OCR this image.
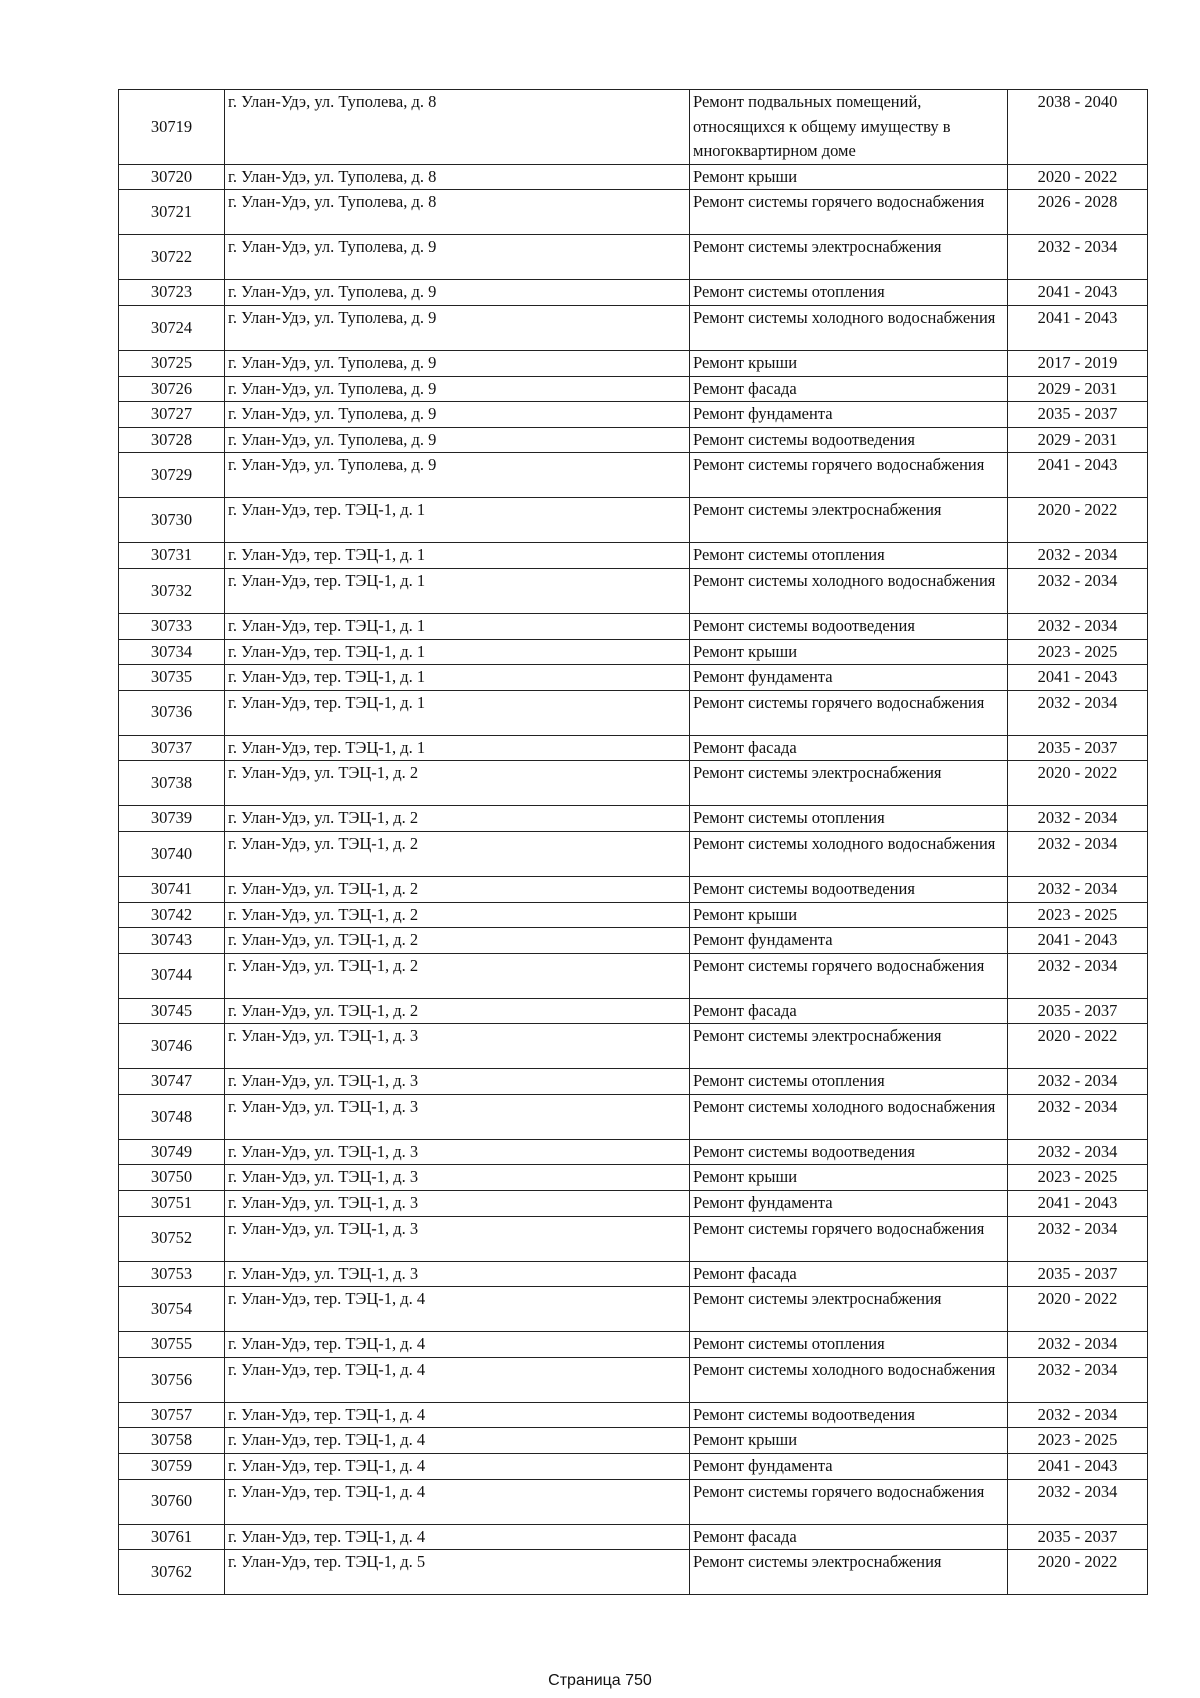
30719	г. Улан-Удэ, ул. Туполева, д. 8	Ремонт подвальных помещений, относящихся к общему имуществу в многоквартирном доме	2038 - 2040
30720	г. Улан-Удэ, ул. Туполева, д. 8	Ремонт крыши	2020 - 2022
30721	г. Улан-Удэ, ул. Туполева, д. 8	Ремонт системы горячего водоснабжения	2026 - 2028
30722	г. Улан-Удэ, ул. Туполева, д. 9	Ремонт системы электроснабжения	2032 - 2034
30723	г. Улан-Удэ, ул. Туполева, д. 9	Ремонт системы отопления	2041 - 2043
30724	г. Улан-Удэ, ул. Туполева, д. 9	Ремонт системы холодного водоснабжения	2041 - 2043
30725	г. Улан-Удэ, ул. Туполева, д. 9	Ремонт крыши	2017 - 2019
30726	г. Улан-Удэ, ул. Туполева, д. 9	Ремонт фасада	2029 - 2031
30727	г. Улан-Удэ, ул. Туполева, д. 9	Ремонт фундамента	2035 - 2037
30728	г. Улан-Удэ, ул. Туполева, д. 9	Ремонт системы водоотведения	2029 - 2031
30729	г. Улан-Удэ, ул. Туполева, д. 9	Ремонт системы горячего водоснабжения	2041 - 2043
30730	г. Улан-Удэ, тер. ТЭЦ-1, д. 1	Ремонт системы электроснабжения	2020 - 2022
30731	г. Улан-Удэ, тер. ТЭЦ-1, д. 1	Ремонт системы отопления	2032 - 2034
30732	г. Улан-Удэ, тер. ТЭЦ-1, д. 1	Ремонт системы холодного водоснабжения	2032 - 2034
30733	г. Улан-Удэ, тер. ТЭЦ-1, д. 1	Ремонт системы водоотведения	2032 - 2034
30734	г. Улан-Удэ, тер. ТЭЦ-1, д. 1	Ремонт крыши	2023 - 2025
30735	г. Улан-Удэ, тер. ТЭЦ-1, д. 1	Ремонт фундамента	2041 - 2043
30736	г. Улан-Удэ, тер. ТЭЦ-1, д. 1	Ремонт системы горячего водоснабжения	2032 - 2034
30737	г. Улан-Удэ, тер. ТЭЦ-1, д. 1	Ремонт фасада	2035 - 2037
30738	г. Улан-Удэ, ул. ТЭЦ-1, д. 2	Ремонт системы электроснабжения	2020 - 2022
30739	г. Улан-Удэ, ул. ТЭЦ-1, д. 2	Ремонт системы отопления	2032 - 2034
30740	г. Улан-Удэ, ул. ТЭЦ-1, д. 2	Ремонт системы холодного водоснабжения	2032 - 2034
30741	г. Улан-Удэ, ул. ТЭЦ-1, д. 2	Ремонт системы водоотведения	2032 - 2034
30742	г. Улан-Удэ, ул. ТЭЦ-1, д. 2	Ремонт крыши	2023 - 2025
30743	г. Улан-Удэ, ул. ТЭЦ-1, д. 2	Ремонт фундамента	2041 - 2043
30744	г. Улан-Удэ, ул. ТЭЦ-1, д. 2	Ремонт системы горячего водоснабжения	2032 - 2034
30745	г. Улан-Удэ, ул. ТЭЦ-1, д. 2	Ремонт фасада	2035 - 2037
30746	г. Улан-Удэ, ул. ТЭЦ-1, д. 3	Ремонт системы электроснабжения	2020 - 2022
30747	г. Улан-Удэ, ул. ТЭЦ-1, д. 3	Ремонт системы отопления	2032 - 2034
30748	г. Улан-Удэ, ул. ТЭЦ-1, д. 3	Ремонт системы холодного водоснабжения	2032 - 2034
30749	г. Улан-Удэ, ул. ТЭЦ-1, д. 3	Ремонт системы водоотведения	2032 - 2034
30750	г. Улан-Удэ, ул. ТЭЦ-1, д. 3	Ремонт крыши	2023 - 2025
30751	г. Улан-Удэ, ул. ТЭЦ-1, д. 3	Ремонт фундамента	2041 - 2043
30752	г. Улан-Удэ, ул. ТЭЦ-1, д. 3	Ремонт системы горячего водоснабжения	2032 - 2034
30753	г. Улан-Удэ, ул. ТЭЦ-1, д. 3	Ремонт фасада	2035 - 2037
30754	г. Улан-Удэ, тер. ТЭЦ-1, д. 4	Ремонт системы электроснабжения	2020 - 2022
30755	г. Улан-Удэ, тер. ТЭЦ-1, д. 4	Ремонт системы отопления	2032 - 2034
30756	г. Улан-Удэ, тер. ТЭЦ-1, д. 4	Ремонт системы холодного водоснабжения	2032 - 2034
30757	г. Улан-Удэ, тер. ТЭЦ-1, д. 4	Ремонт системы водоотведения	2032 - 2034
30758	г. Улан-Удэ, тер. ТЭЦ-1, д. 4	Ремонт крыши	2023 - 2025
30759	г. Улан-Удэ, тер. ТЭЦ-1, д. 4	Ремонт фундамента	2041 - 2043
30760	г. Улан-Удэ, тер. ТЭЦ-1, д. 4	Ремонт системы горячего водоснабжения	2032 - 2034
30761	г. Улан-Удэ, тер. ТЭЦ-1, д. 4	Ремонт фасада	2035 - 2037
30762	г. Улан-Удэ, тер. ТЭЦ-1, д. 5	Ремонт системы электроснабжения	2020 - 2022
Страница 750
